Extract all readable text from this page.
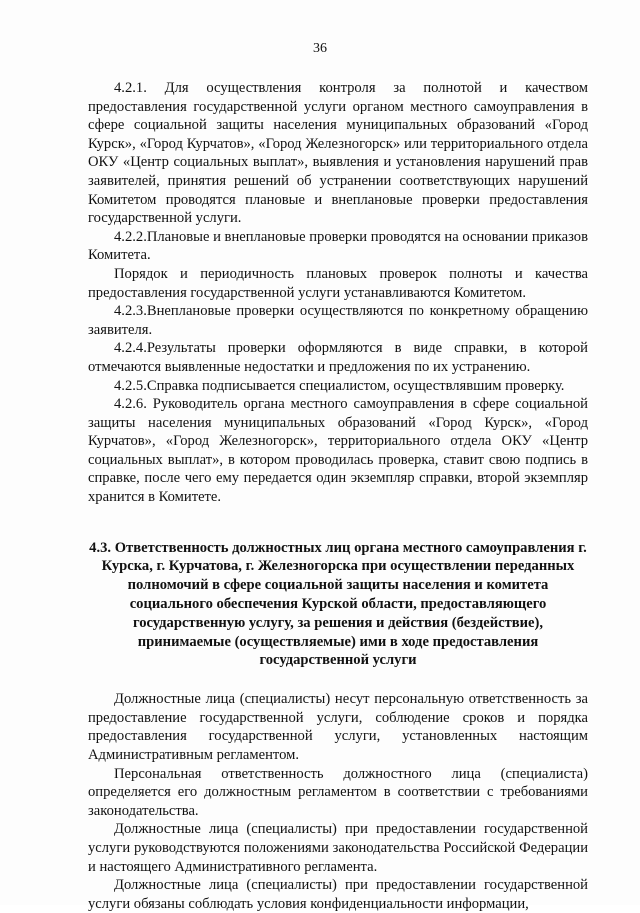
36

4.2.1. Для осуществления контроля за полнотой и качеством предоставления государственной услуги органом местного самоуправления в сфере социальной защиты населения муниципальных образований «Город Курск», «Город Курчатов», «Город Железногорск» или территориального отдела ОКУ «Центр социальных выплат», выявления и установления нарушений прав заявителей, принятия решений об устранении соответствующих нарушений Комитетом проводятся плановые и внеплановые проверки предоставления государственной услуги.

4.2.2.Плановые и внеплановые проверки проводятся на основании приказов Комитета.

Порядок и периодичность плановых проверок полноты и качества предоставления государственной услуги устанавливаются Комитетом.

4.2.3.Внеплановые проверки осуществляются по конкретному обращению заявителя.

4.2.4.Результаты проверки оформляются в виде справки, в которой отмечаются выявленные недостатки и предложения по их устранению.

4.2.5.Справка подписывается специалистом, осуществлявшим проверку.

4.2.6. Руководитель органа местного самоуправления в сфере социальной защиты населения муниципальных образований «Город Курск», «Город Курчатов», «Город Железногорск», территориального отдела ОКУ «Центр социальных выплат», в котором проводилась проверка, ставит свою подпись в справке, после чего ему передается один экземпляр справки, второй экземпляр хранится в Комитете.

4.3. Ответственность должностных лиц органа местного самоуправления г. Курска, г. Курчатова, г. Железногорска при осуществлении переданных полномочий в сфере социальной защиты населения и комитета социального обеспечения Курской области, предоставляющего государственную услугу, за решения и действия (бездействие), принимаемые (осуществляемые) ими в ходе предоставления государственной услуги

Должностные лица (специалисты) несут персональную ответственность за предоставление государственной услуги, соблюдение сроков и порядка предоставления государственной услуги, установленных настоящим Административным регламентом.

Персональная ответственность должностного лица (специалиста) определяется его должностным регламентом в соответствии с требованиями законодательства.

Должностные лица (специалисты) при предоставлении государственной услуги руководствуются положениями законодательства Российской Федерации и настоящего Административного регламента.

Должностные лица (специалисты) при предоставлении государственной услуги обязаны соблюдать условия конфиденциальности информации,
